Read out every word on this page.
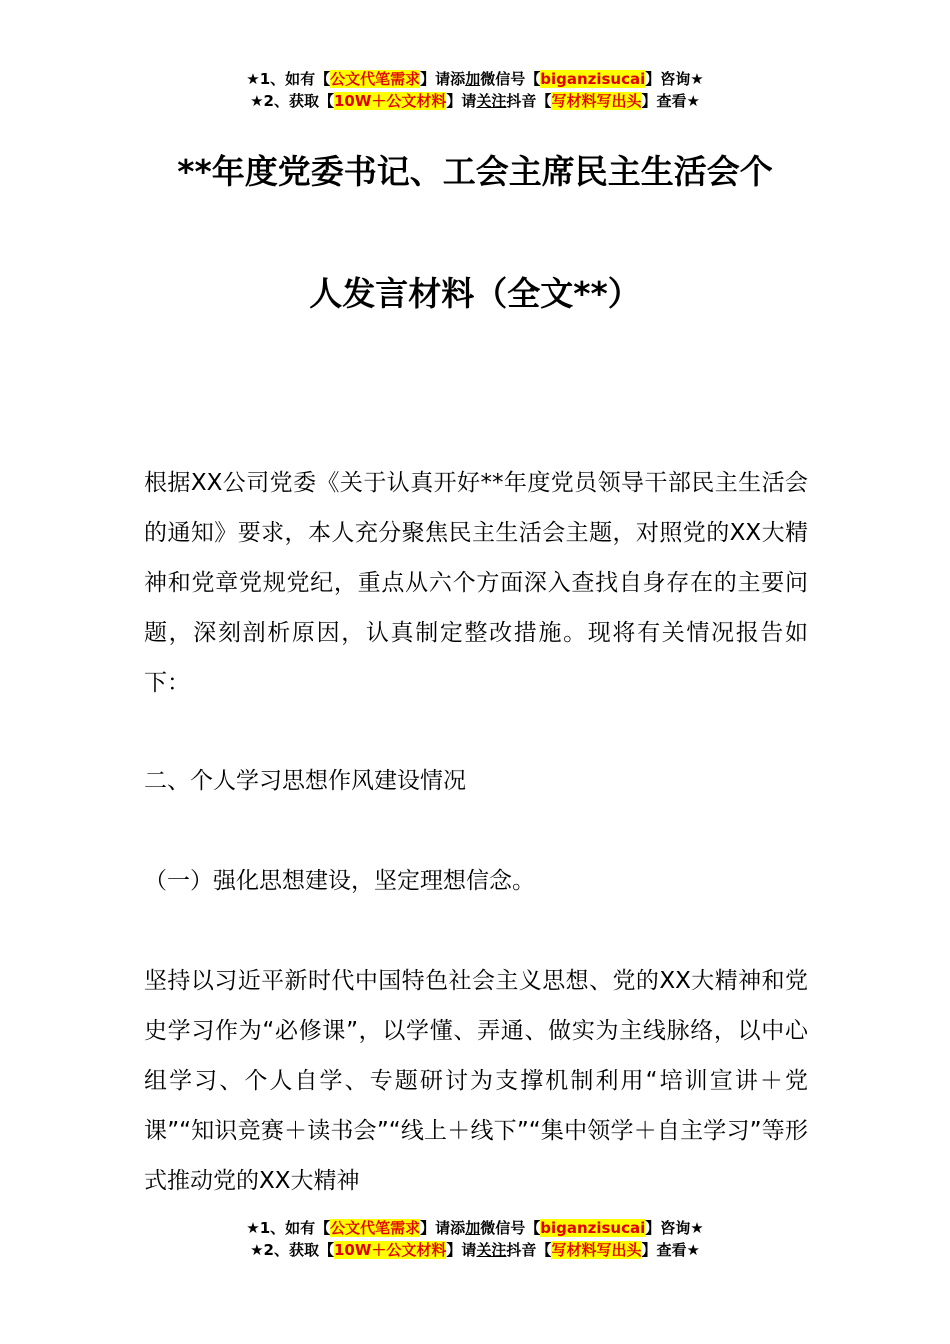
★1、如有【公文代笔需求】请添加微信号【biganzisucai】咨询★
★2、获取【10W＋公文材料】请关注抖音【写材料写出头】查看★
**年度党委书记、工会主席民主生活会个
人发言材料（全文**）
根据XX公司党委《关于认真开好**年度党员领导干部民主生活会的通知》要求，本人充分聚焦民主生活会主题，对照党的XX大精神和党章党规党纪，重点从六个方面深入查找自身存在的主要问题，深刻剖析原因，认真制定整改措施。现将有关情况报告如下：
二、个人学习思想作风建设情况
（一）强化思想建设，坚定理想信念。
坚持以习近平新时代中国特色社会主义思想、党的XX大精神和党史学习作为“必修课”，以学懂、弄通、做实为主线脉络，以中心组学习、个人自学、专题研讨为支撑机制利用“培训宣讲＋党课”“知识竞赛＋读书会”“线上＋线下”“集中领学＋自主学习”等形式推动党的XX大精神
★1、如有【公文代笔需求】请添加微信号【biganzisucai】咨询★
★2、获取【10W＋公文材料】请关注抖音【写材料写出头】查看★
